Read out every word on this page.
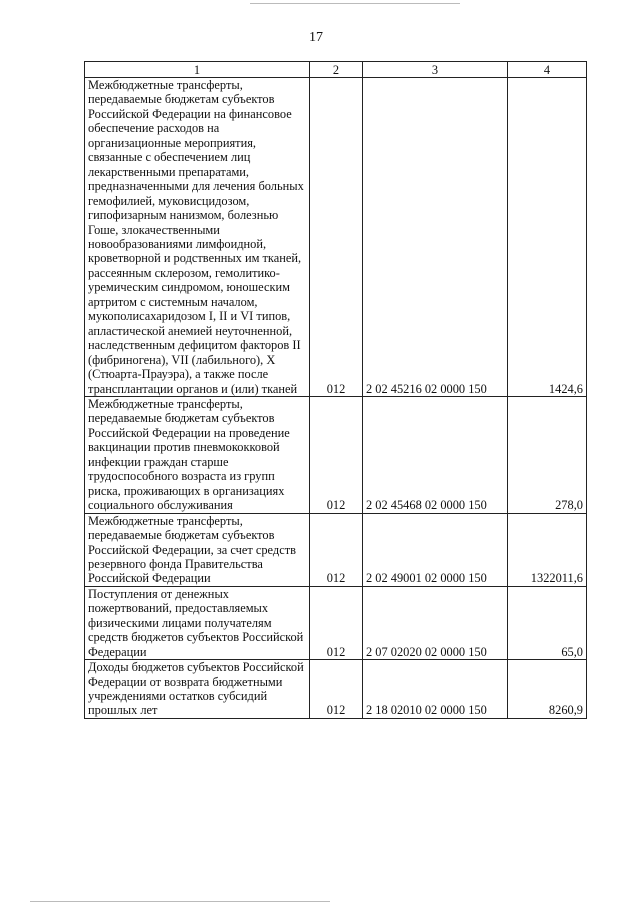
17
1	2	3	4
Межбюджетные трансферты, передаваемые бюджетам субъектов Российской Федерации на финансовое обеспечение расходов на организационные мероприятия, связанные с обеспечением лиц лекарственными препаратами, предназначенными для лечения больных гемофилией, муковисцидозом, гипофизарным нанизмом, болезнью Гоше, злокачественными новообразованиями лимфоидной, кроветворной и родственных им тканей, рассеянным склерозом, гемолитико-уремическим синдромом, юношеским артритом с системным началом, мукополисахаридозом I, II и VI типов, апластической анемией неуточненной, наследственным дефицитом факторов II (фибриногена), VII (лабильного), X (Стюарта-Прауэра), а также после трансплантации органов и (или) тканей	012	2 02 45216 02 0000 150	1424,6
Межбюджетные трансферты, передаваемые бюджетам субъектов Российской Федерации на проведение вакцинации против пневмококковой инфекции граждан старше трудоспособного возраста из групп риска, проживающих в организациях социального обслуживания	012	2 02 45468 02 0000 150	278,0
Межбюджетные трансферты, передаваемые бюджетам субъектов Российской Федерации, за счет средств резервного фонда Правительства Российской Федерации	012	2 02 49001 02 0000 150	1322011,6
Поступления от денежных пожертвований, предоставляемых физическими лицами получателям средств бюджетов субъектов Российской Федерации	012	2 07 02020 02 0000 150	65,0
Доходы бюджетов субъектов Российской Федерации от возврата бюджетными учреждениями остатков субсидий прошлых лет	012	2 18 02010 02 0000 150	8260,9
